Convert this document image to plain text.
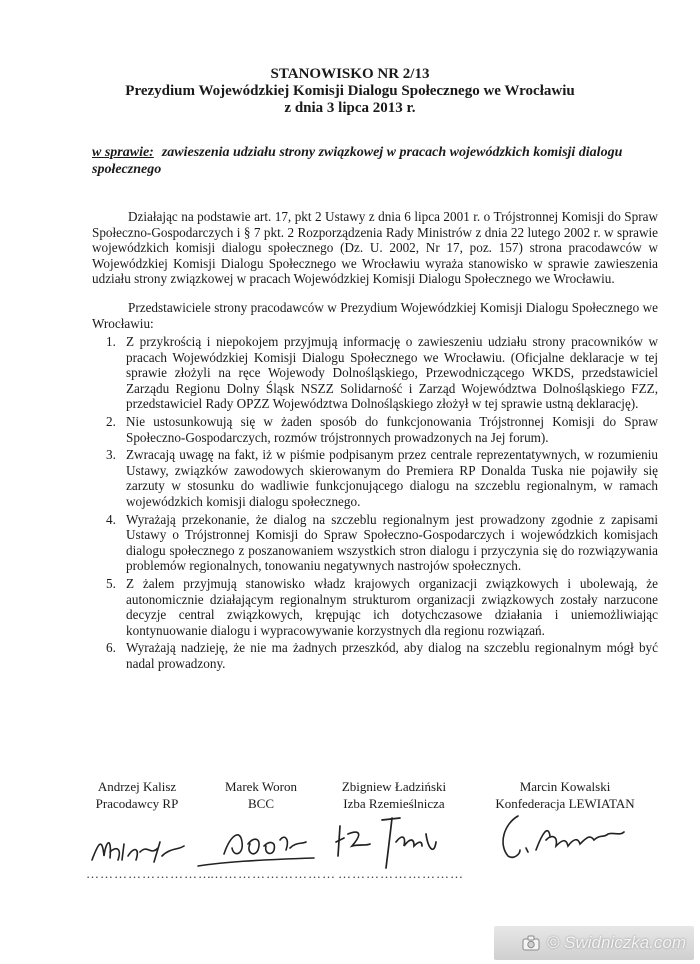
STANOWISKO NR 2/13
Prezydium Wojewódzkiej Komisji Dialogu Społecznego we Wrocławiu
z dnia 3 lipca 2013 r.
w sprawie: zawieszenia udziału strony związkowej w pracach wojewódzkich komisji dialogu społecznego
Działając na podstawie art. 17, pkt 2 Ustawy z dnia 6 lipca 2001 r. o Trójstronnej Komisji do Spraw Społeczno-Gospodarczych i § 7 pkt. 2 Rozporządzenia Rady Ministrów z dnia 22 lutego 2002 r. w sprawie wojewódzkich komisji dialogu społecznego (Dz. U. 2002, Nr 17, poz. 157) strona pracodawców w Wojewódzkiej Komisji Dialogu Społecznego we Wrocławiu wyraża stanowisko w sprawie zawieszenia udziału strony związkowej w pracach Wojewódzkiej Komisji Dialogu Społecznego we Wrocławiu.
Przedstawiciele strony pracodawców w Prezydium Wojewódzkiej Komisji Dialogu Społecznego we Wrocławiu:
1. Z przykrością i niepokojem przyjmują informację o zawieszeniu udziału strony pracowników w pracach Wojewódzkiej Komisji Dialogu Społecznego we Wrocławiu. (Oficjalne deklaracje w tej sprawie złożyli na ręce Wojewody Dolnośląskiego, Przewodniczącego WKDS, przedstawiciel Zarządu Regionu Dolny Śląsk NSZZ Solidarność i Zarząd Województwa Dolnośląskiego FZZ, przedstawiciel Rady OPZZ Województwa Dolnośląskiego złożył w tej sprawie ustną deklarację).
2. Nie ustosunkowują się w żaden sposób do funkcjonowania Trójstronnej Komisji do Spraw Społeczno-Gospodarczych, rozmów trójstronnych prowadzonych na Jej forum).
3. Zwracają uwagę na fakt, iż w piśmie podpisanym przez centrale reprezentatywnych, w rozumieniu Ustawy, związków zawodowych skierowanym do Premiera RP Donalda Tuska nie pojawiły się zarzuty w stosunku do wadliwie funkcjonującego dialogu na szczeblu regionalnym, w ramach wojewódzkich komisji dialogu społecznego.
4. Wyrażają przekonanie, że dialog na szczeblu regionalnym jest prowadzony zgodnie z zapisami Ustawy o Trójstronnej Komisji do Spraw Społeczno-Gospodarczych i wojewódzkich komisjach dialogu społecznego z poszanowaniem wszystkich stron dialogu i przyczynia się do rozwiązywania problemów regionalnych, tonowaniu negatywnych nastrojów społecznych.
5. Z żalem przyjmują stanowisko władz krajowych organizacji związkowych i ubolewają, że autonomicznie działającym regionalnym strukturom organizacji związkowych zostały narzucone decyzje central związkowych, krępując ich dotychczasowe działania i uniemożliwiając kontynuowanie dialogu i wypracowywanie korzystnych dla regionu rozwiązań.
6. Wyrażają nadzieję, że nie ma żadnych przeszkód, aby dialog na szczeblu regionalnym mógł być nadal prowadzony.
Andrzej Kalisz
Pracodawcy RP
Marek Woron
BCC
Zbigniew Ładziński
Izba Rzemieślnicza
Marcin Kowalski
Konfederacja LEWIATAN
………………………
……………………… ………………………
© Swidniczka.com
